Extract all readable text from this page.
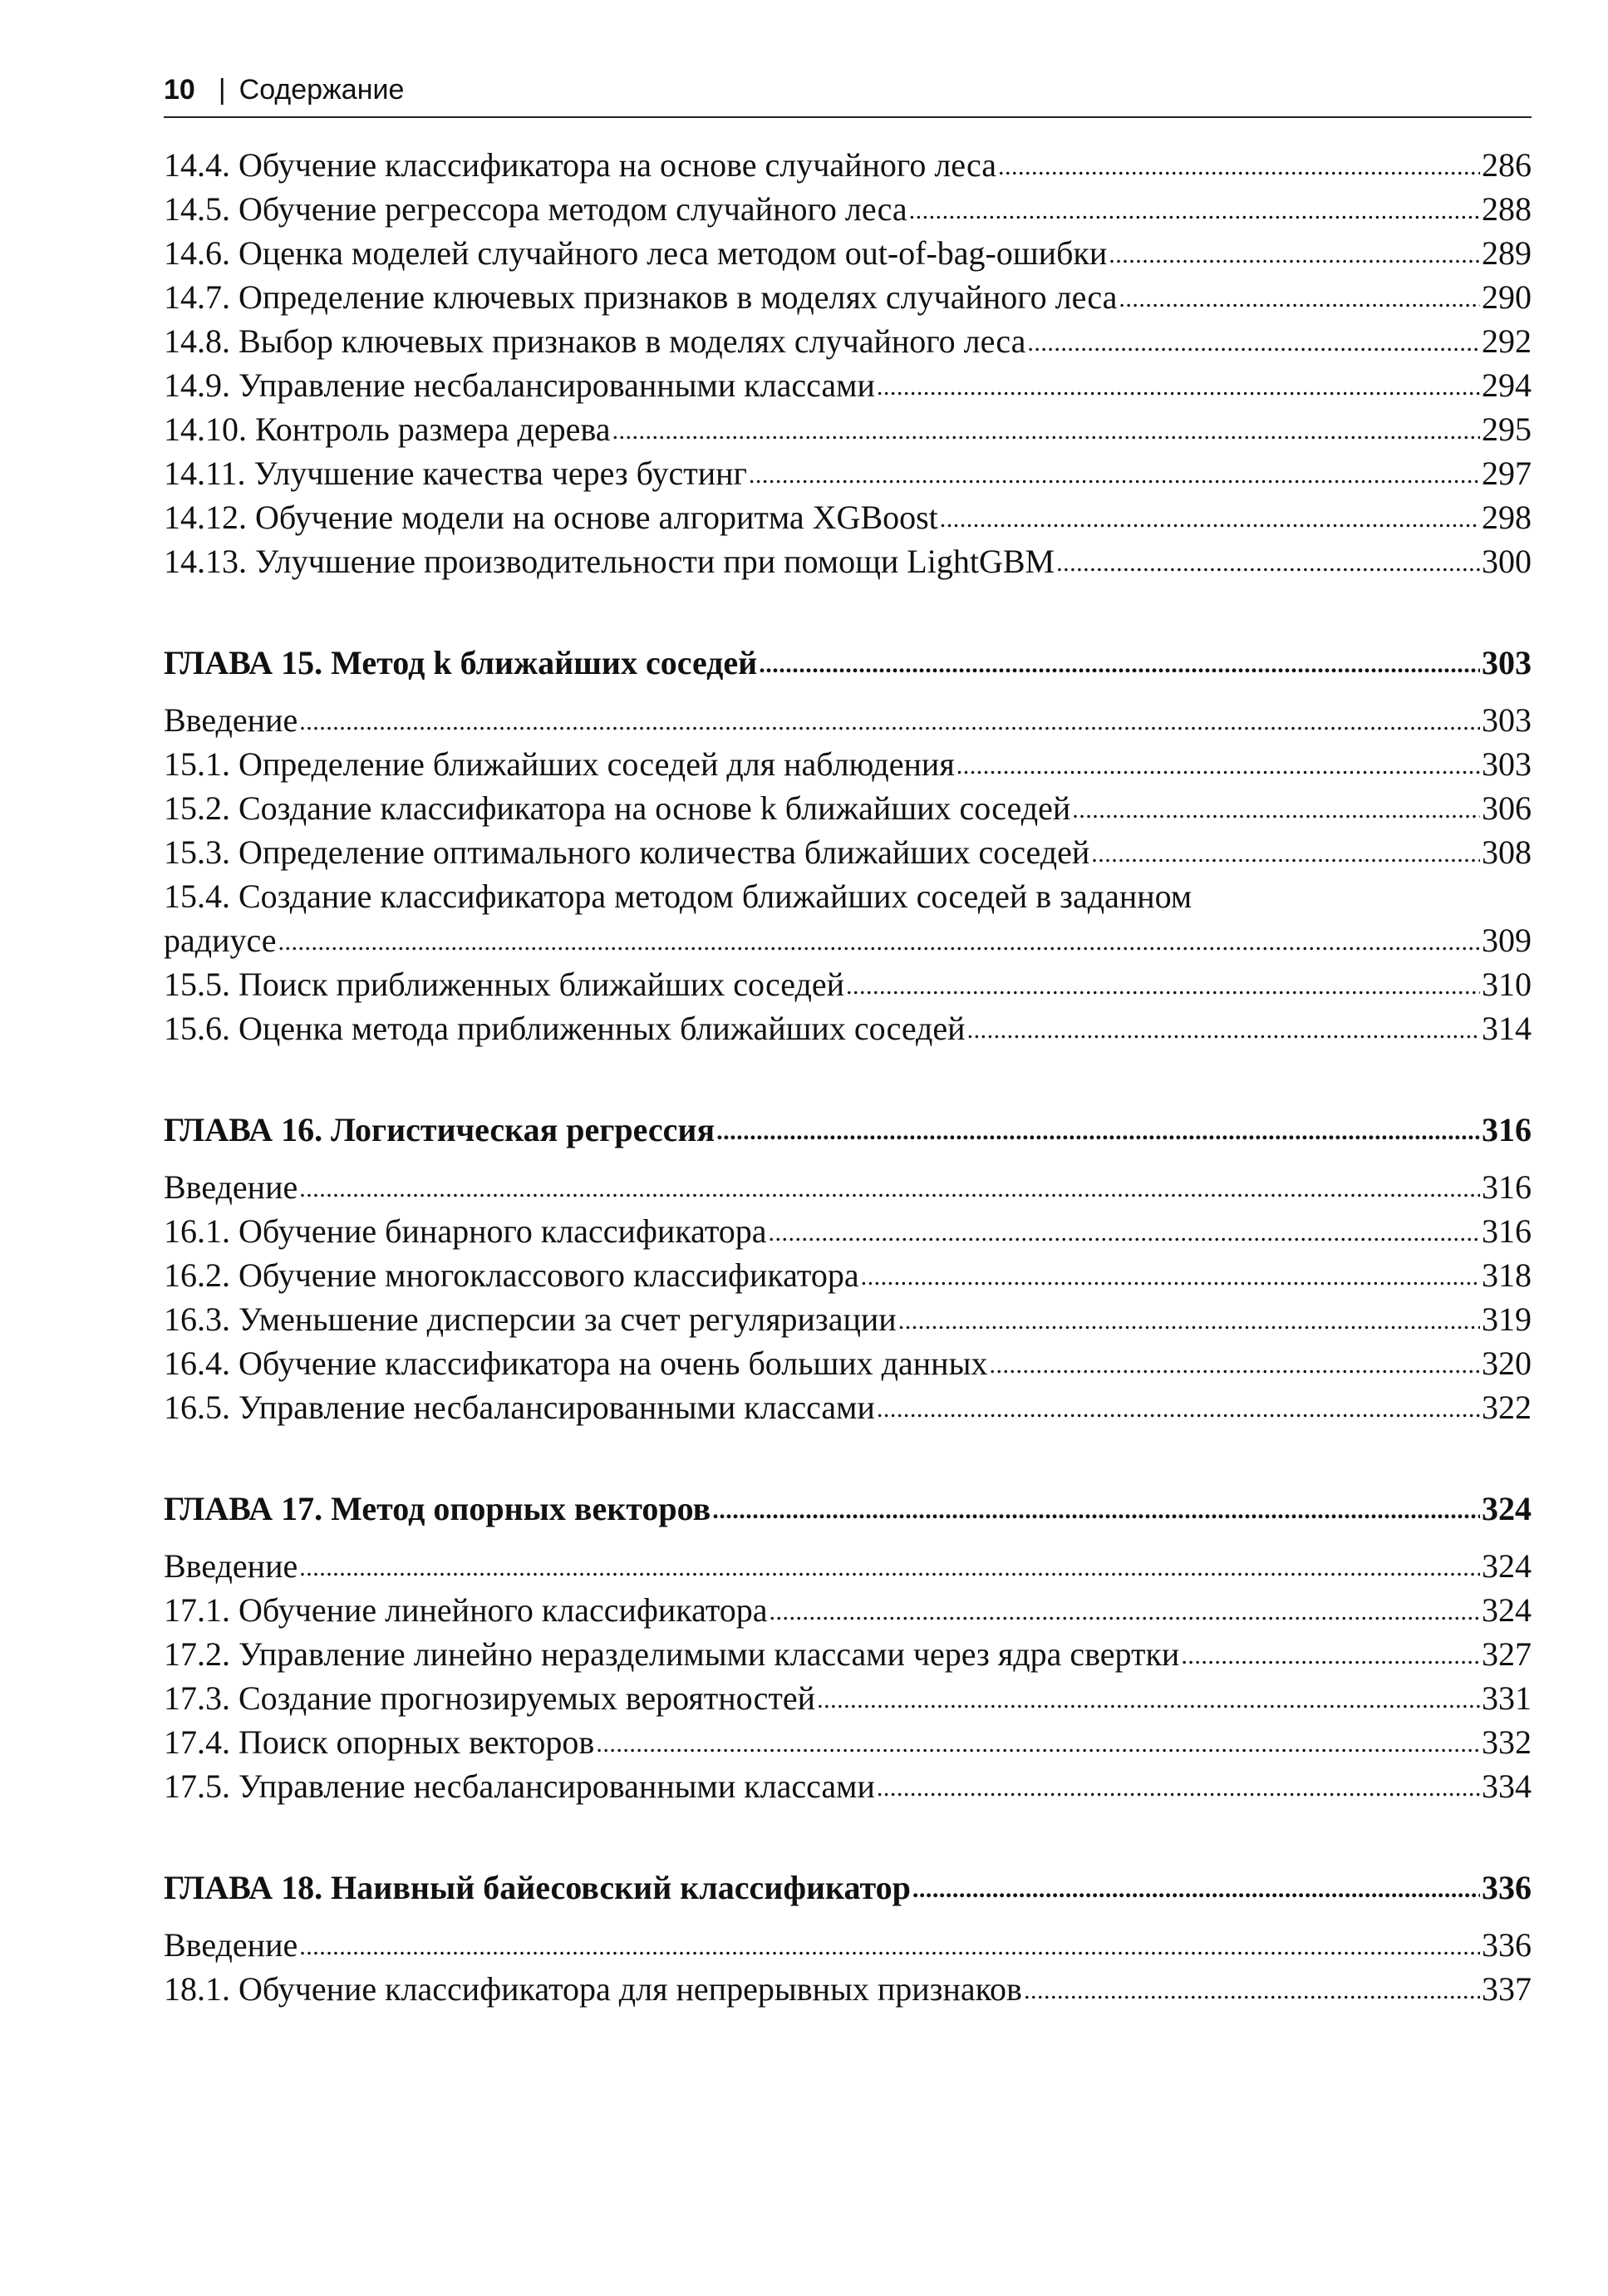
10 | Содержание
14.4. Обучение классификатора на основе случайного леса .....	286
14.5. Обучение регрессора методом случайного леса .....	288
14.6. Оценка моделей случайного леса методом out-of-bag-ошибки .....	289
14.7. Определение ключевых признаков в моделях случайного леса .....	290
14.8. Выбор ключевых признаков в моделях случайного леса .....	292
14.9. Управление несбалансированными классами .....	294
14.10. Контроль размера дерева .....	295
14.11. Улучшение качества через бустинг .....	297
14.12. Обучение модели на основе алгоритма XGBoost .....	298
14.13. Улучшение производительности при помощи LightGBM .....	300
ГЛАВА 15. Метод k ближайших соседей .....	303
Введение .....	303
15.1. Определение ближайших соседей для наблюдения .....	303
15.2. Создание классификатора на основе k ближайших соседей .....	306
15.3. Определение оптимального количества ближайших соседей .....	308
15.4. Создание классификатора методом ближайших соседей в заданном
радиусе .....	309
15.5. Поиск приближенных ближайших соседей .....	310
15.6. Оценка метода приближенных ближайших соседей .....	314
ГЛАВА 16. Логистическая регрессия .....	316
Введение .....	316
16.1. Обучение бинарного классификатора .....	316
16.2. Обучение многоклассового классификатора .....	318
16.3. Уменьшение дисперсии за счет регуляризации .....	319
16.4. Обучение классификатора на очень больших данных .....	320
16.5. Управление несбалансированными классами .....	322
ГЛАВА 17. Метод опорных векторов .....	324
Введение .....	324
17.1. Обучение линейного классификатора .....	324
17.2. Управление линейно неразделимыми классами через ядра свертки .....	327
17.3. Создание прогнозируемых вероятностей .....	331
17.4. Поиск опорных векторов .....	332
17.5. Управление несбалансированными классами .....	334
ГЛАВА 18. Наивный байесовский классификатор .....	336
Введение .....	336
18.1. Обучение классификатора для непрерывных признаков .....	337
